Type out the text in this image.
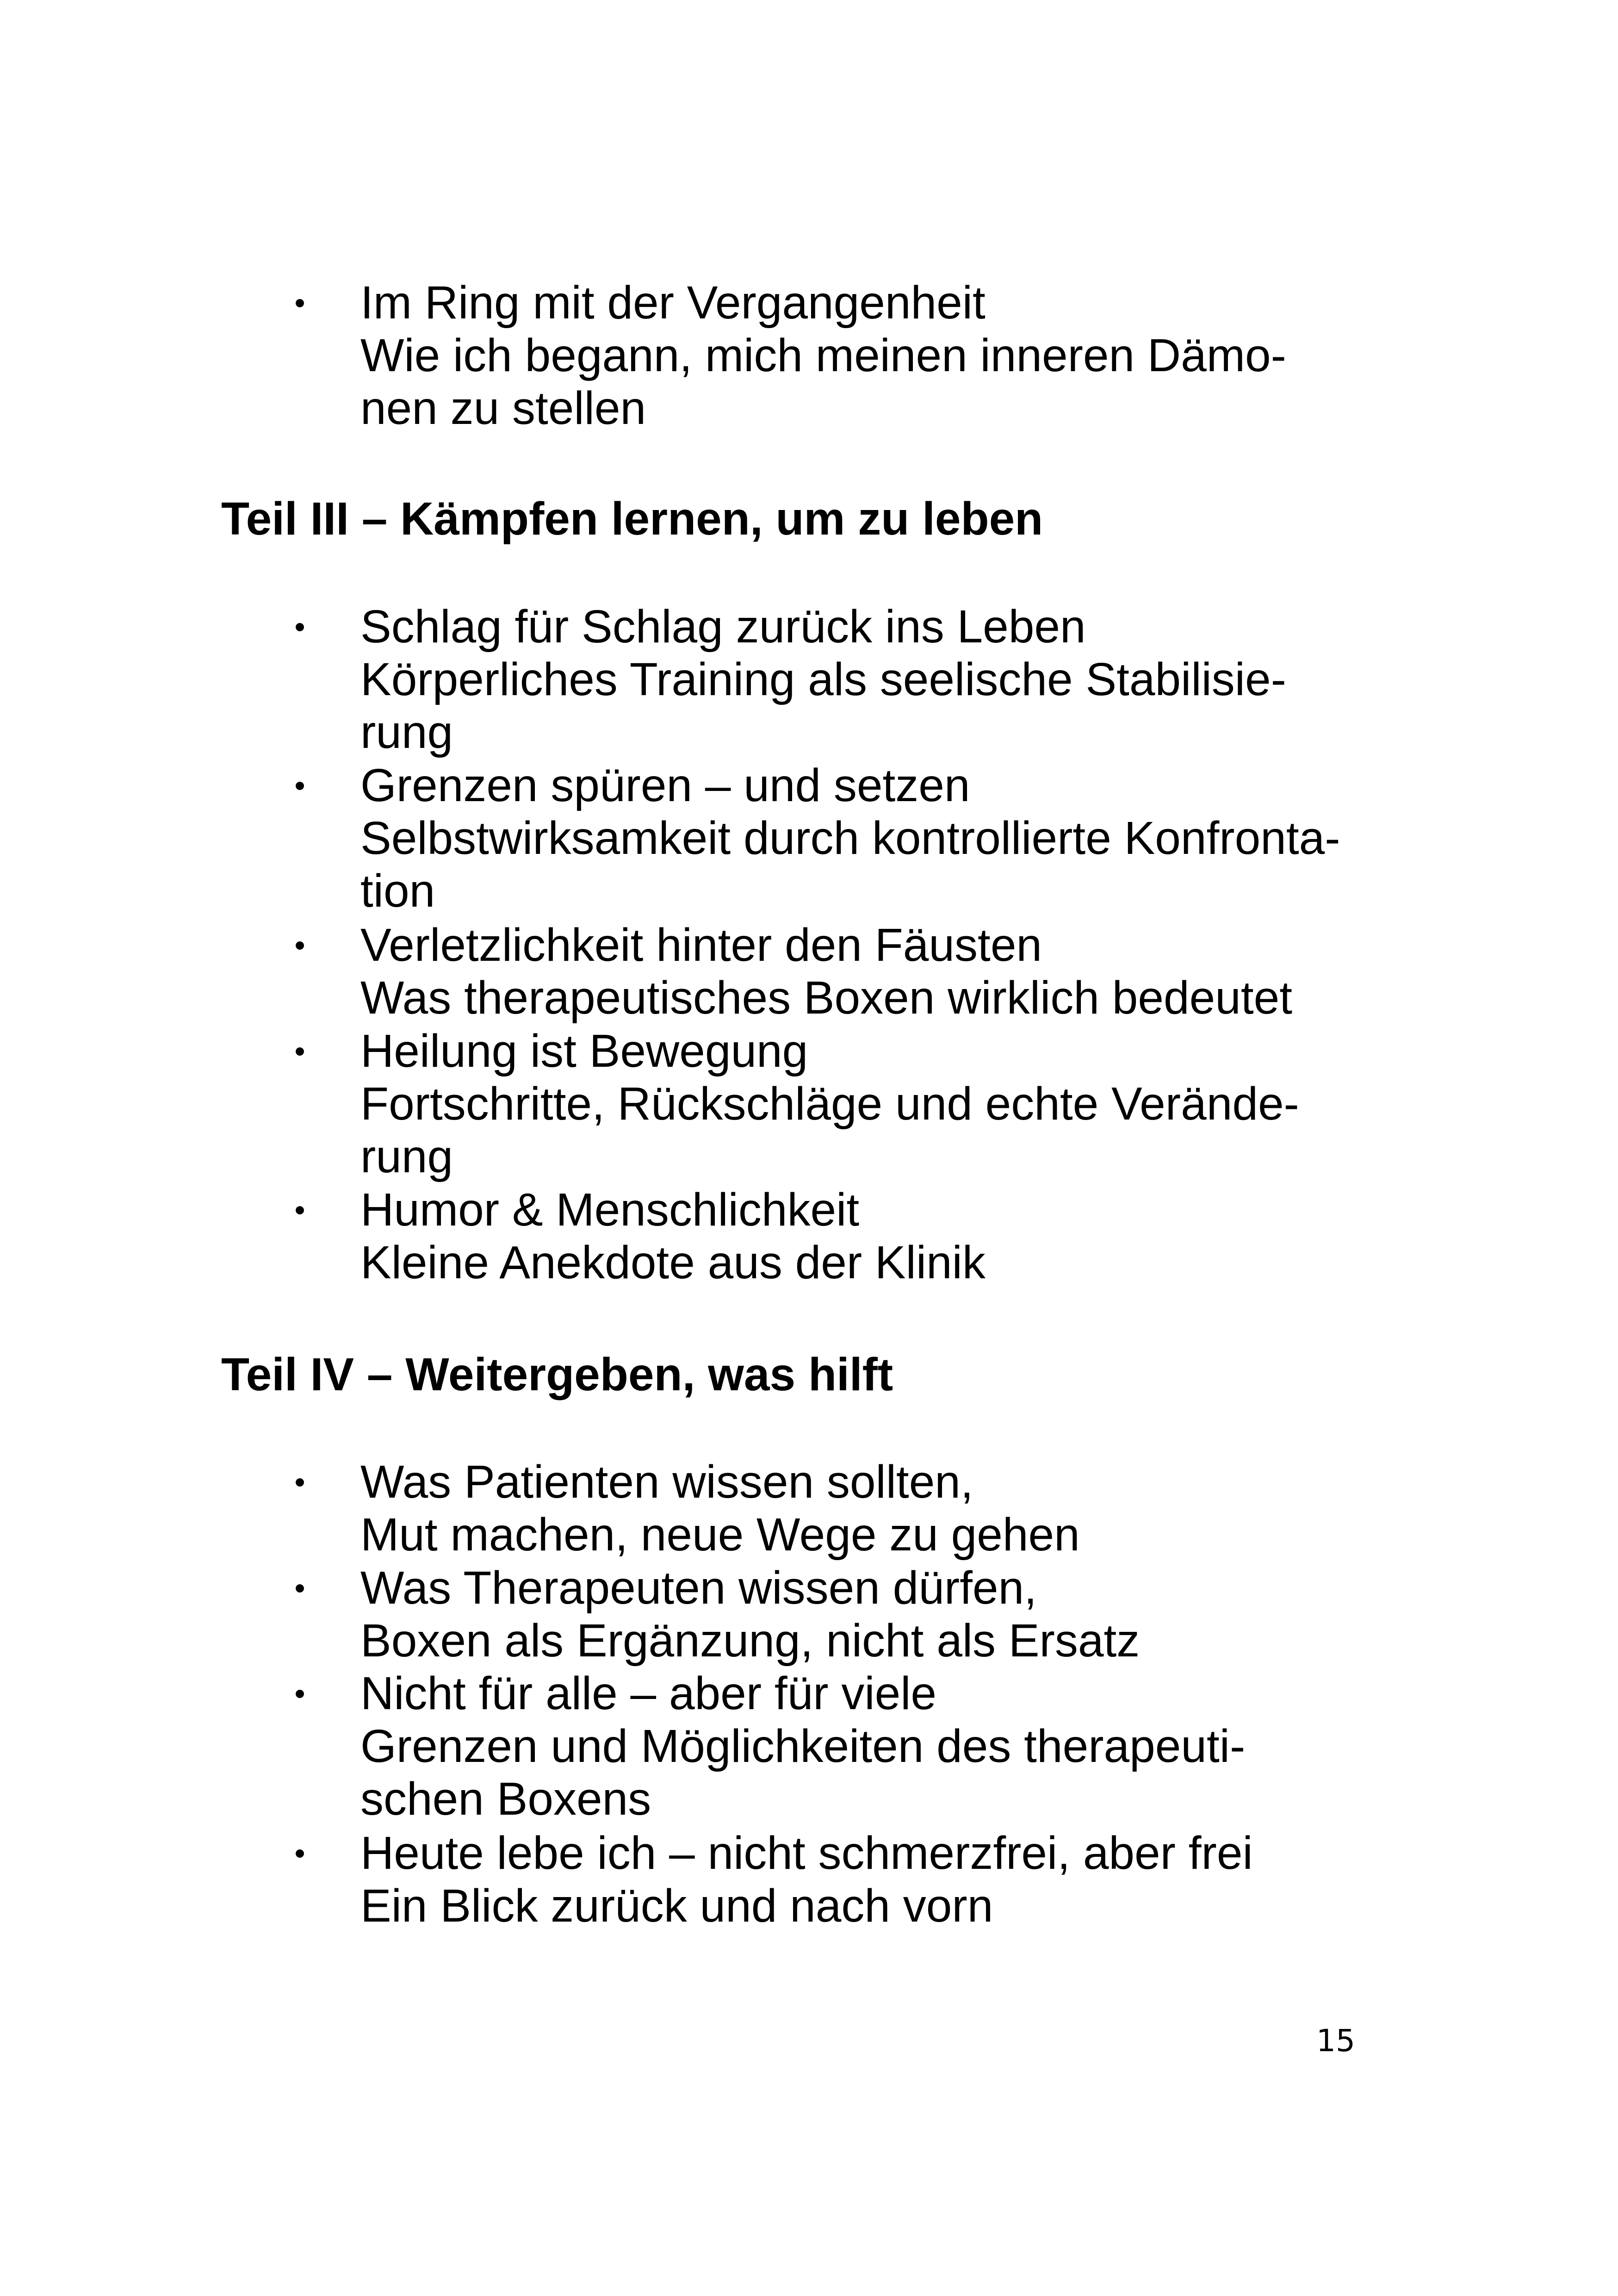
• Im Ring mit der Vergangenheit
Wie ich begann, mich meinen inneren Dämo-
nen zu stellen
Teil III – Kämpfen lernen, um zu leben
• Schlag für Schlag zurück ins Leben
Körperliches Training als seelische Stabilisie-
rung
• Grenzen spüren – und setzen
Selbstwirksamkeit durch kontrollierte Konfronta-
tion
• Verletzlichkeit hinter den Fäusten
Was therapeutisches Boxen wirklich bedeutet
• Heilung ist Bewegung
Fortschritte, Rückschläge und echte Verände-
rung
• Humor & Menschlichkeit
Kleine Anekdote aus der Klinik
Teil IV – Weitergeben, was hilft
• Was Patienten wissen sollten,
Mut machen, neue Wege zu gehen
• Was Therapeuten wissen dürfen,
Boxen als Ergänzung, nicht als Ersatz
• Nicht für alle – aber für viele
Grenzen und Möglichkeiten des therapeuti-
schen Boxens
• Heute lebe ich – nicht schmerzfrei, aber frei
Ein Blick zurück und nach vorn
15
